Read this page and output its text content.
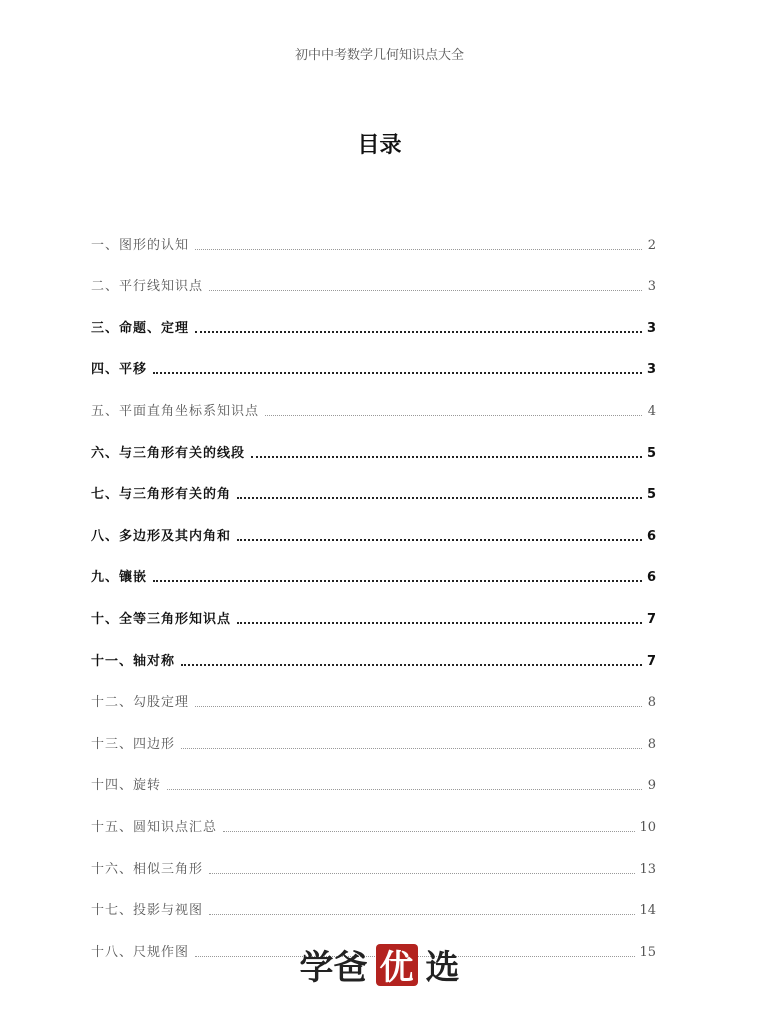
初中中考数学几何知识点大全
目录
一、图形的认知	2
二、平行线知识点	3
三、命题、定理	3
四、平移	3
五、平面直角坐标系知识点	4
六、与三角形有关的线段	5
七、与三角形有关的角	5
八、多边形及其内角和	6
九、镶嵌	6
十、全等三角形知识点	7
十一、轴对称	7
十二、勾股定理	8
十三、四边形	8
十四、旋转	9
十五、圆知识点汇总	10
十六、相似三角形	13
十七、投影与视图	14
十八、尺规作图	15
学爸 优 选
